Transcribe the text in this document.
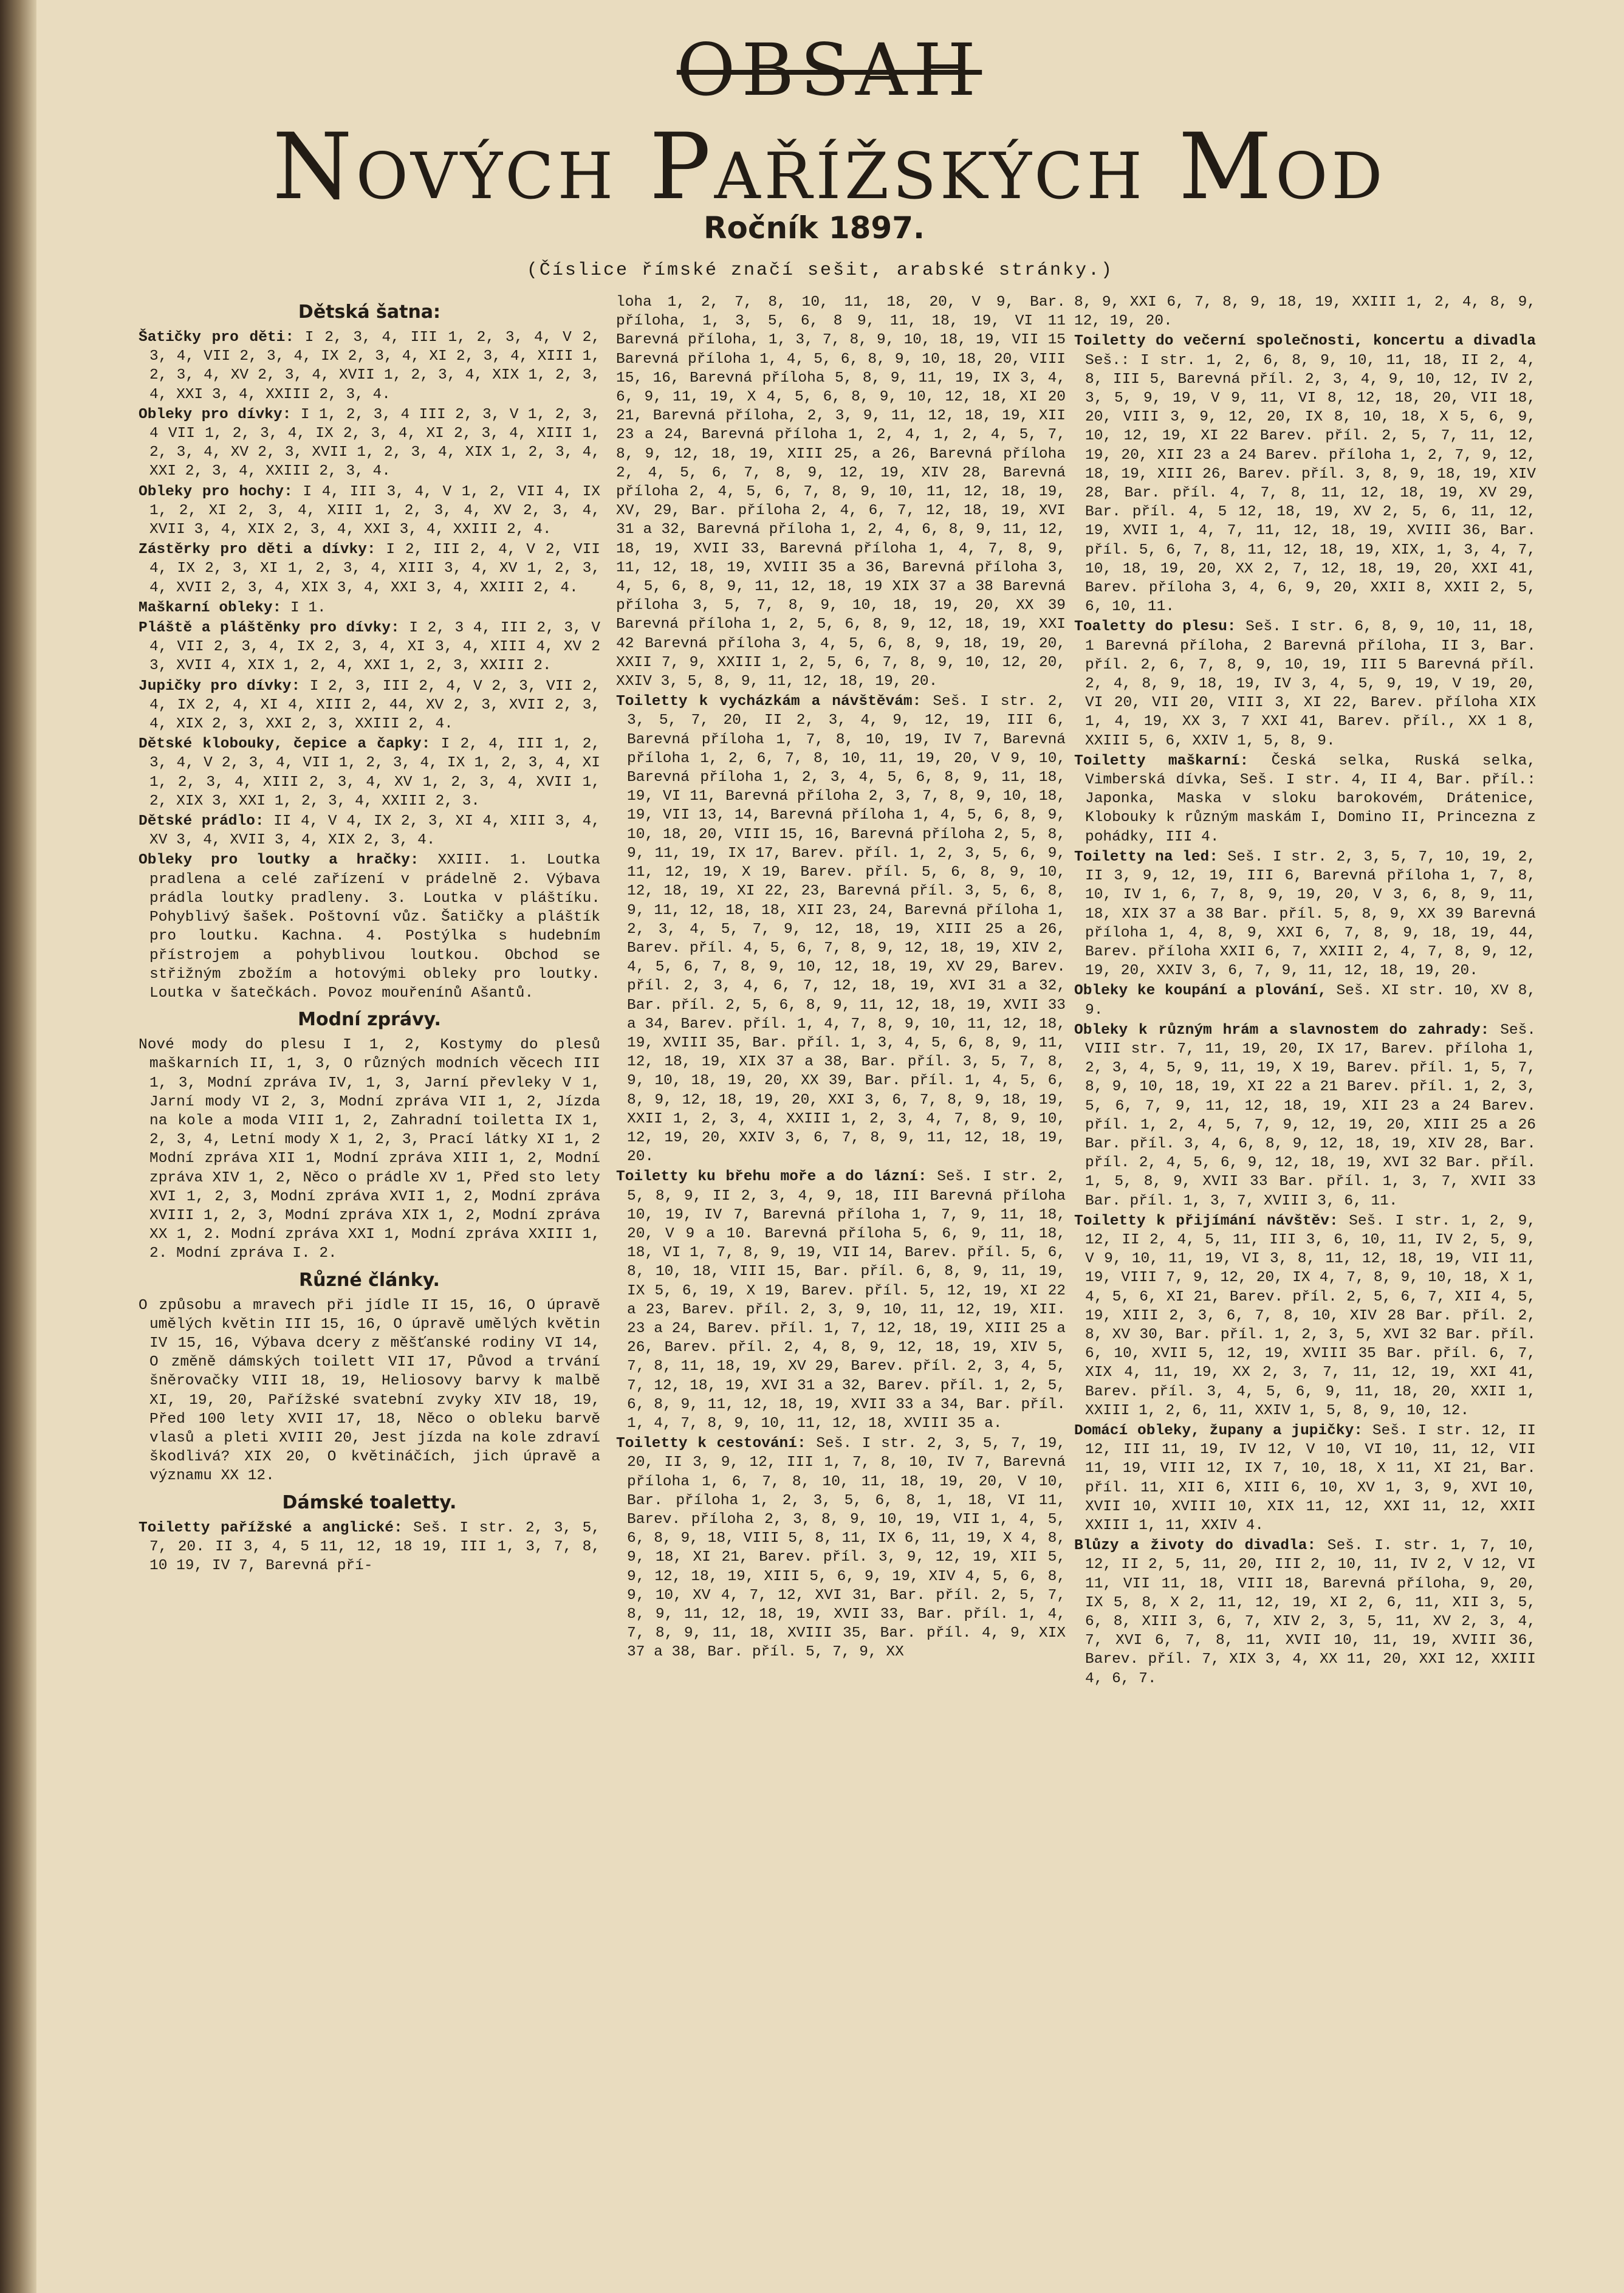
OBSAH
Nových Pařížských Mod
Ročník 1897.
(Číslice římské značí sešit, arabské stránky.)
Dětská šatna:
Šatičky pro děti: I 2, 3, 4, III 1, 2, 3, 4, V 2, 3, 4, VII 2, 3, 4, IX 2, 3, 4, XI 2, 3, 4, XIII 1, 2, 3, 4, XV 2, 3, 4, XVII 1, 2, 3, 4, XIX 1, 2, 3, 4, XXI 3, 4, XXIII 2, 3, 4.
Obleky pro dívky: I 1, 2, 3, 4 III 2, 3, V 1, 2, 3, 4 VII 1, 2, 3, 4, IX 2, 3, 4, XI 2, 3, 4, XIII 1, 2, 3, 4, XV 2, 3, XVII 1, 2, 3, 4, XIX 1, 2, 3, 4, XXI 2, 3, 4, XXIII 2, 3, 4.
Obleky pro hochy: I 4, III 3, 4, V 1, 2, VII 4, IX 1, 2, XI 2, 3, 4, XIII 1, 2, 3, 4, XV 2, 3, 4, XVII 3, 4, XIX 2, 3, 4, XXI 3, 4, XXIII 2, 4.
Zástěrky pro děti a dívky: I 2, III 2, 4, V 2, VII 4, IX 2, 3, XI 1, 2, 3, 4, XIII 3, 4, XV 1, 2, 3, 4, XVII 2, 3, 4, XIX 3, 4, XXI 3, 4, XXIII 2, 4.
Maškarní obleky: I 1.
Pláště a pláštěnky pro dívky: I 2, 3 4, III 2, 3, V 4, VII 2, 3, 4, IX 2, 3, 4, XI 3, 4, XIII 4, XV 2 3, XVII 4, XIX 1, 2, 4, XXI 1, 2, 3, XXIII 2.
Jupičky pro dívky: I 2, 3, III 2, 4, V 2, 3, VII 2, 4, IX 2, 4, XI 4, XIII 2, 44, XV 2, 3, XVII 2, 3, 4, XIX 2, 3, XXI 2, 3, XXIII 2, 4.
Dětské klobouky, čepice a čapky: I 2, 4, III 1, 2, 3, 4, V 2, 3, 4, VII 1, 2, 3, 4, IX 1, 2, 3, 4, XI 1, 2, 3, 4, XIII 2, 3, 4, XV 1, 2, 3, 4, XVII 1, 2, XIX 3, XXI 1, 2, 3, 4, XXIII 2, 3.
Dětské prádlo: II 4, V 4, IX 2, 3, XI 4, XIII 3, 4, XV 3, 4, XVII 3, 4, XIX 2, 3, 4.
Obleky pro loutky a hračky: XXIII. 1. Loutka pradlena a celé zařízení v prádelně 2. Výbava prádla loutky pradleny. 3. Loutka v pláštíku. Pohyblivý šašek. Poštovní vůz. Šatičky a pláštík pro loutku. Kachna. 4. Postýlka s hudebním přístrojem a pohyblivou loutkou. Obchod se střižným zbožím a hotovými obleky pro loutky. Loutka v šatečkách. Povoz mouřenínů Ašantů.
Modní zprávy.
Nové mody do plesu I 1, 2, Kostymy do plesů maškarních II, 1, 3, O různých modních věcech III 1, 3, Modní zpráva IV, 1, 3, Jarní převleky V 1, Jarní mody VI 2, 3, Modní zpráva VII 1, 2, Jízda na kole a moda VIII 1, 2, Zahradní toiletta IX 1, 2, 3, 4, Letní mody X 1, 2, 3, Prací látky XI 1, 2 Modní zpráva XII 1, Modní zpráva XIII 1, 2, Modní zpráva XIV 1, 2, Něco o prádle XV 1, Před sto lety XVI 1, 2, 3, Modní zpráva XVII 1, 2, Modní zpráva XVIII 1, 2, 3, Modní zpráva XIX 1, 2, Modní zpráva XX 1, 2. Modní zpráva XXI 1, Modní zpráva XXIII 1, 2. Modní zpráva I. 2.
Různé články.
O způsobu a mravech při jídle II 15, 16, O úpravě umělých květin III 15, 16, O úpravě umělých květin IV 15, 16, Výbava dcery z měšťanské rodiny VI 14, O změně dámských toilett VII 17, Původ a trvání šněrovačky VIII 18, 19, Heliosovy barvy k malbě XI, 19, 20, Pařížské svatební zvyky XIV 18, 19, Před 100 lety XVII 17, 18, Něco o obleku barvě vlasů a pleti XVIII 20, Jest jízda na kole zdraví škodlivá? XIX 20, O květináčích, jich úpravě a významu XX 12.
Dámské toaletty.
Toiletty pařížské a anglické: Seš. I str. 2, 3, 5, 7, 20. II 3, 4, 5 11, 12, 18 19, III 1, 3, 7, 8, 10 19, IV 7, Barevná pří-
loha 1, 2, 7, 8, 10, 11, 18, 20, V 9, Bar. příloha, 1, 3, 5, 6, 8 9, 11, 18, 19, VI 11 Barevná příloha, 1, 3, 7, 8, 9, 10, 18, 19, VII 15 Barevná příloha 1, 4, 5, 6, 8, 9, 10, 18, 20, VIII 15, 16, Barevná příloha 5, 8, 9, 11, 19, IX 3, 4, 6, 9, 11, 19, X 4, 5, 6, 8, 9, 10, 12, 18, XI 20 21, Barevná příloha, 2, 3, 9, 11, 12, 18, 19, XII 23 a 24, Barevná příloha 1, 2, 4, 1, 2, 4, 5, 7, 8, 9, 12, 18, 19, XIII 25, a 26, Barevná příloha 2, 4, 5, 6, 7, 8, 9, 12, 19, XIV 28, Barevná příloha 2, 4, 5, 6, 7, 8, 9, 10, 11, 12, 18, 19, XV, 29, Bar. příloha 2, 4, 6, 7, 12, 18, 19, XVI 31 a 32, Barevná příloha 1, 2, 4, 6, 8, 9, 11, 12, 18, 19, XVII 33, Barevná příloha 1, 4, 7, 8, 9, 11, 12, 18, 19, XVIII 35 a 36, Barevná příloha 3, 4, 5, 6, 8, 9, 11, 12, 18, 19 XIX 37 a 38 Barevná příloha 3, 5, 7, 8, 9, 10, 18, 19, 20, XX 39 Barevná příloha 1, 2, 5, 6, 8, 9, 12, 18, 19, XXI 42 Barevná příloha 3, 4, 5, 6, 8, 9, 18, 19, 20, XXII 7, 9, XXIII 1, 2, 5, 6, 7, 8, 9, 10, 12, 20, XXIV 3, 5, 8, 9, 11, 12, 18, 19, 20.
Toiletty k vycházkám a návštěvám: Seš. I str. 2, 3, 5, 7, 20, II 2, 3, 4, 9, 12, 19, III 6, Barevná příloha 1, 7, 8, 10, 19, IV 7, Barevná příloha 1, 2, 6, 7, 8, 10, 11, 19, 20, V 9, 10, Barevná příloha 1, 2, 3, 4, 5, 6, 8, 9, 11, 18, 19, VI 11, Barevná příloha 2, 3, 7, 8, 9, 10, 18, 19, VII 13, 14, Barevná příloha 1, 4, 5, 6, 8, 9, 10, 18, 20, VIII 15, 16, Barevná příloha 2, 5, 8, 9, 11, 19, IX 17, Barev. příl. 1, 2, 3, 5, 6, 9, 11, 12, 19, X 19, Barev. příl. 5, 6, 8, 9, 10, 12, 18, 19, XI 22, 23, Barevná příl. 3, 5, 6, 8, 9, 11, 12, 18, 18, XII 23, 24, Barevná příloha 1, 2, 3, 4, 5, 7, 9, 12, 18, 19, XIII 25 a 26, Barev. příl. 4, 5, 6, 7, 8, 9, 12, 18, 19, XIV 2, 4, 5, 6, 7, 8, 9, 10, 12, 18, 19, XV 29, Barev. příl. 2, 3, 4, 6, 7, 12, 18, 19, XVI 31 a 32, Bar. příl. 2, 5, 6, 8, 9, 11, 12, 18, 19, XVII 33 a 34, Barev. příl. 1, 4, 7, 8, 9, 10, 11, 12, 18, 19, XVIII 35, Bar. příl. 1, 3, 4, 5, 6, 8, 9, 11, 12, 18, 19, XIX 37 a 38, Bar. příl. 3, 5, 7, 8, 9, 10, 18, 19, 20, XX 39, Bar. příl. 1, 4, 5, 6, 8, 9, 12, 18, 19, 20, XXI 3, 6, 7, 8, 9, 18, 19, XXII 1, 2, 3, 4, XXIII 1, 2, 3, 4, 7, 8, 9, 10, 12, 19, 20, XXIV 3, 6, 7, 8, 9, 11, 12, 18, 19, 20.
Toiletty ku břehu moře a do lázní: Seš. I str. 2, 5, 8, 9, II 2, 3, 4, 9, 18, III Barevná příloha 10, 19, IV 7, Barevná příloha 1, 7, 9, 11, 18, 20, V 9 a 10. Barevná příloha 5, 6, 9, 11, 18, 18, VI 1, 7, 8, 9, 19, VII 14, Barev. příl. 5, 6, 8, 10, 18, VIII 15, Bar. příl. 6, 8, 9, 11, 19, IX 5, 6, 19, X 19, Barev. příl. 5, 12, 19, XI 22 a 23, Barev. příl. 2, 3, 9, 10, 11, 12, 19, XII. 23 a 24, Barev. příl. 1, 7, 12, 18, 19, XIII 25 a 26, Barev. příl. 2, 4, 8, 9, 12, 18, 19, XIV 5, 7, 8, 11, 18, 19, XV 29, Barev. příl. 2, 3, 4, 5, 7, 12, 18, 19, XVI 31 a 32, Barev. příl. 1, 2, 5, 6, 8, 9, 11, 12, 18, 19, XVII 33 a 34, Bar. příl. 1, 4, 7, 8, 9, 10, 11, 12, 18, XVIII 35 a.
Toiletty k cestování: Seš. I str. 2, 3, 5, 7, 19, 20, II 3, 9, 12, III 1, 7, 8, 10, IV 7, Barevná příloha 1, 6, 7, 8, 10, 11, 18, 19, 20, V 10, Bar. příloha 1, 2, 3, 5, 6, 8, 1, 18, VI 11, Barev. příloha 2, 3, 8, 9, 10, 19, VII 1, 4, 5, 6, 8, 9, 18, VIII 5, 8, 11, IX 6, 11, 19, X 4, 8, 9, 18, XI 21, Barev. příl. 3, 9, 12, 19, XII 5, 9, 12, 18, 19, XIII 5, 6, 9, 19, XIV 4, 5, 6, 8, 9, 10, XV 4, 7, 12, XVI 31, Bar. příl. 2, 5, 7, 8, 9, 11, 12, 18, 19, XVII 33, Bar. příl. 1, 4, 7, 8, 9, 11, 18, XVIII 35, Bar. příl. 4, 9, XIX 37 a 38, Bar. příl. 5, 7, 9, XX
8, 9, XXI 6, 7, 8, 9, 18, 19, XXIII 1, 2, 4, 8, 9, 12, 19, 20.
Toiletty do večerní společnosti, koncertu a divadla Seš.: I str. 1, 2, 6, 8, 9, 10, 11, 18, II 2, 4, 8, III 5, Barevná příl. 2, 3, 4, 9, 10, 12, IV 2, 3, 5, 9, 19, V 9, 11, VI 8, 12, 18, 20, VII 18, 20, VIII 3, 9, 12, 20, IX 8, 10, 18, X 5, 6, 9, 10, 12, 19, XI 22 Barev. příl. 2, 5, 7, 11, 12, 19, 20, XII 23 a 24 Barev. příloha 1, 2, 7, 9, 12, 18, 19, XIII 26, Barev. příl. 3, 8, 9, 18, 19, XIV 28, Bar. příl. 4, 7, 8, 11, 12, 18, 19, XV 29, Bar. příl. 4, 5 12, 18, 19, XV 2, 5, 6, 11, 12, 19, XVII 1, 4, 7, 11, 12, 18, 19, XVIII 36, Bar. příl. 5, 6, 7, 8, 11, 12, 18, 19, XIX, 1, 3, 4, 7, 10, 18, 19, 20, XX 2, 7, 12, 18, 19, 20, XXI 41, Barev. příloha 3, 4, 6, 9, 20, XXII 8, XXII 2, 5, 6, 10, 11.
Toaletty do plesu: Seš. I str. 6, 8, 9, 10, 11, 18, 1 Barevná příloha, 2 Barevná příloha, II 3, Bar. příl. 2, 6, 7, 8, 9, 10, 19, III 5 Barevná příl. 2, 4, 8, 9, 18, 19, IV 3, 4, 5, 9, 19, V 19, 20, VI 20, VII 20, VIII 3, XI 22, Barev. příloha XIX 1, 4, 19, XX 3, 7 XXI 41, Barev. příl., XX 1 8, XXIII 5, 6, XXIV 1, 5, 8, 9.
Toiletty maškarní: Česká selka, Ruská selka, Vimberská dívka, Seš. I str. 4, II 4, Bar. příl.: Japonka, Maska v sloku barokovém, Drátenice, Klobouky k různým maskám I, Domino II, Princezna z pohádky, III 4.
Toiletty na led: Seš. I str. 2, 3, 5, 7, 10, 19, 2, II 3, 9, 12, 19, III 6, Barevná příloha 1, 7, 8, 10, IV 1, 6, 7, 8, 9, 19, 20, V 3, 6, 8, 9, 11, 18, XIX 37 a 38 Bar. příl. 5, 8, 9, XX 39 Barevná příloha 1, 4, 8, 9, XXI 6, 7, 8, 9, 18, 19, 44, Barev. příloha XXII 6, 7, XXIII 2, 4, 7, 8, 9, 12, 19, 20, XXIV 3, 6, 7, 9, 11, 12, 18, 19, 20.
Obleky ke koupání a plování, Seš. XI str. 10, XV 8, 9.
Obleky k různým hrám a slavnostem do zahrady: Seš. VIII str. 7, 11, 19, 20, IX 17, Barev. příloha 1, 2, 3, 4, 5, 9, 11, 19, X 19, Barev. příl. 1, 5, 7, 8, 9, 10, 18, 19, XI 22 a 21 Barev. příl. 1, 2, 3, 5, 6, 7, 9, 11, 12, 18, 19, XII 23 a 24 Barev. příl. 1, 2, 4, 5, 7, 9, 12, 19, 20, XIII 25 a 26 Bar. příl. 3, 4, 6, 8, 9, 12, 18, 19, XIV 28, Bar. příl. 2, 4, 5, 6, 9, 12, 18, 19, XVI 32 Bar. příl. 1, 5, 8, 9, XVII 33 Bar. příl. 1, 3, 7, XVII 33 Bar. příl. 1, 3, 7, XVIII 3, 6, 11.
Toiletty k přijímání návštěv: Seš. I str. 1, 2, 9, 12, II 2, 4, 5, 11, III 3, 6, 10, 11, IV 2, 5, 9, V 9, 10, 11, 19, VI 3, 8, 11, 12, 18, 19, VII 11, 19, VIII 7, 9, 12, 20, IX 4, 7, 8, 9, 10, 18, X 1, 4, 5, 6, XI 21, Barev. příl. 2, 5, 6, 7, XII 4, 5, 19, XIII 2, 3, 6, 7, 8, 10, XIV 28 Bar. příl. 2, 8, XV 30, Bar. příl. 1, 2, 3, 5, XVI 32 Bar. příl. 6, 10, XVII 5, 12, 19, XVIII 35 Bar. příl. 6, 7, XIX 4, 11, 19, XX 2, 3, 7, 11, 12, 19, XXI 41, Barev. příl. 3, 4, 5, 6, 9, 11, 18, 20, XXII 1, XXIII 1, 2, 6, 11, XXIV 1, 5, 8, 9, 10, 12.
Domácí obleky, župany a jupičky: Seš. I str. 12, II 12, III 11, 19, IV 12, V 10, VI 10, 11, 12, VII 11, 19, VIII 12, IX 7, 10, 18, X 11, XI 21, Bar. příl. 11, XII 6, XIII 6, 10, XV 1, 3, 9, XVI 10, XVII 10, XVIII 10, XIX 11, 12, XXI 11, 12, XXII XXIII 1, 11, XXIV 4.
Blůzy a životy do divadla: Seš. I. str. 1, 7, 10, 12, II 2, 5, 11, 20, III 2, 10, 11, IV 2, V 12, VI 11, VII 11, 18, VIII 18, Barevná příloha, 9, 20, IX 5, 8, X 2, 11, 12, 19, XI 2, 6, 11, XII 3, 5, 6, 8, XIII 3, 6, 7, XIV 2, 3, 5, 11, XV 2, 3, 4, 7, XVI 6, 7, 8, 11, XVII 10, 11, 19, XVIII 36, Barev. příl. 7, XIX 3, 4, XX 11, 20, XXI 12, XXIII 4, 6, 7.
